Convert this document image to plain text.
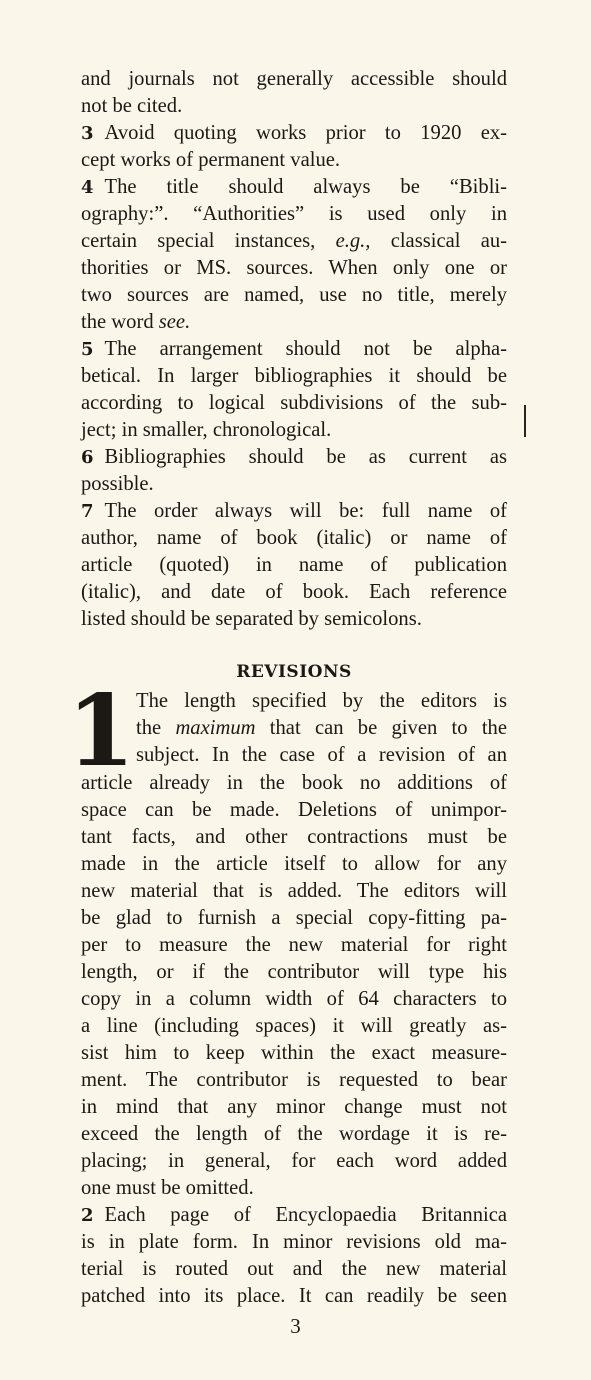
and journals not generally accessible should
not be cited.
3 Avoid quoting works prior to 1920 ex-
cept works of permanent value.
4 The title should always be “Bibli-
ography:”. “Authorities” is used only in
certain special instances, e.g., classical au-
thorities or MS. sources. When only one or
two sources are named, use no title, merely
the word see.
5 The arrangement should not be alpha-
betical. In larger bibliographies it should be
according to logical subdivisions of the sub-
ject; in smaller, chronological.
6 Bibliographies should be as current as
possible.
7 The order always will be: full name of
author, name of book (italic) or name of
article (quoted) in name of publication
(italic), and date of book. Each reference
listed should be separated by semicolons.
REVISIONS
1 The length specified by the editors is
the maximum that can be given to the
subject. In the case of a revision of an
article already in the book no additions of
space can be made. Deletions of unimpor-
tant facts, and other contractions must be
made in the article itself to allow for any
new material that is added. The editors will
be glad to furnish a special copy-fitting pa-
per to measure the new material for right
length, or if the contributor will type his
copy in a column width of 64 characters to
a line (including spaces) it will greatly as-
sist him to keep within the exact measure-
ment. The contributor is requested to bear
in mind that any minor change must not
exceed the length of the wordage it is re-
placing; in general, for each word added
one must be omitted.
2 Each page of Encyclopaedia Britannica
is in plate form. In minor revisions old ma-
terial is routed out and the new material
patched into its place. It can readily be seen
3
